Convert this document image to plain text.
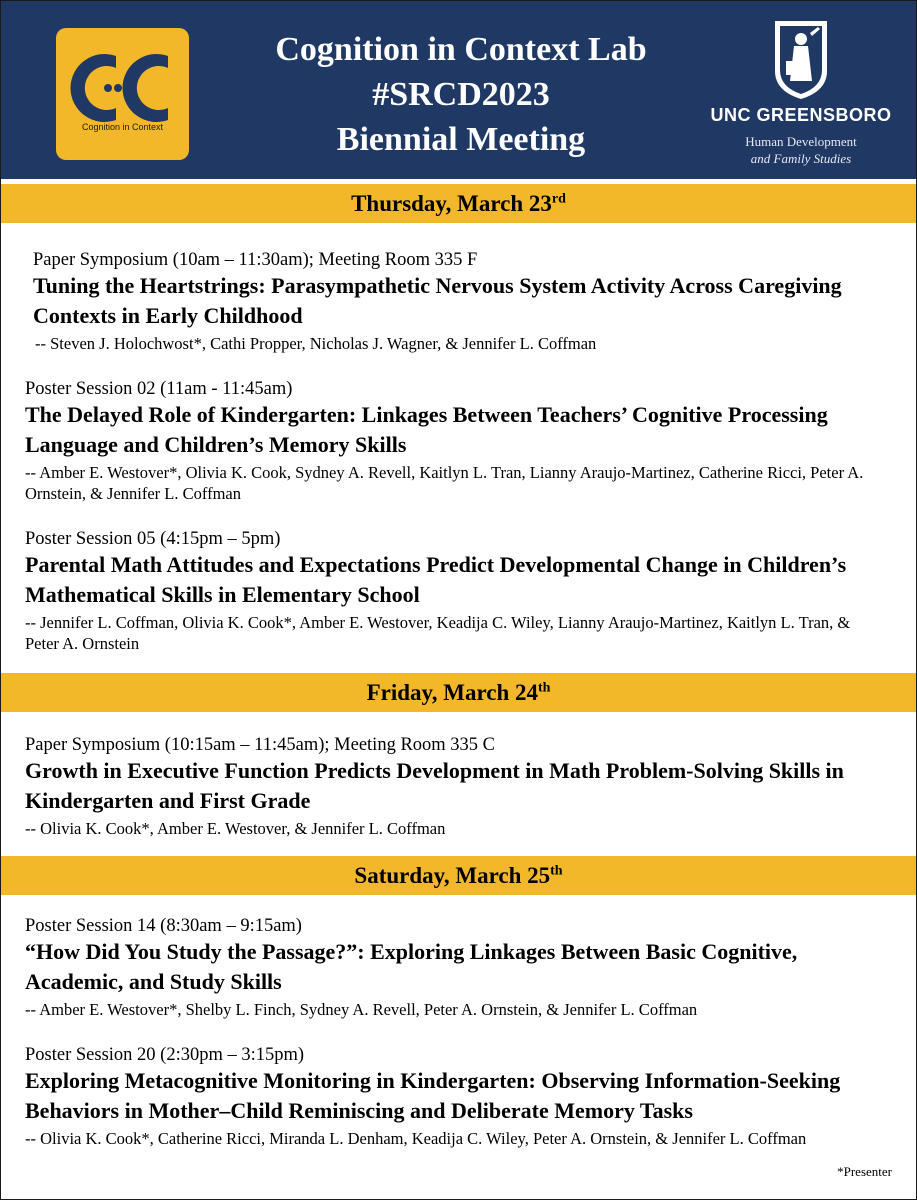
Cognition in Context
Cognition in Context Lab
#SRCD2023
Biennial Meeting
UNC GREENSBORO
Human Development
and Family Studies
Thursday, March 23rd
Paper Symposium (10am – 11:30am); Meeting Room 335 F
Tuning the Heartstrings: Parasympathetic Nervous System Activity Across Caregiving Contexts in Early Childhood
-- Steven J. Holochwost*, Cathi Propper, Nicholas J. Wagner, & Jennifer L. Coffman
Poster Session 02 (11am - 11:45am)
The Delayed Role of Kindergarten: Linkages Between Teachers’ Cognitive Processing Language and Children’s Memory Skills
-- Amber E. Westover*, Olivia K. Cook, Sydney A. Revell, Kaitlyn L. Tran, Lianny Araujo-Martinez, Catherine Ricci, Peter A. Ornstein, & Jennifer L. Coffman
Poster Session 05 (4:15pm – 5pm)
Parental Math Attitudes and Expectations Predict Developmental Change in Children’s Mathematical Skills in Elementary School
-- Jennifer L. Coffman, Olivia K. Cook*, Amber E. Westover, Keadija C. Wiley, Lianny Araujo-Martinez, Kaitlyn L. Tran, & Peter A. Ornstein
Friday, March 24th
Paper Symposium (10:15am – 11:45am); Meeting Room 335 C
Growth in Executive Function Predicts Development in Math Problem-Solving Skills in Kindergarten and First Grade
-- Olivia K. Cook*, Amber E. Westover, & Jennifer L. Coffman
Saturday, March 25th
Poster Session 14 (8:30am – 9:15am)
“How Did You Study the Passage?”: Exploring Linkages Between Basic Cognitive, Academic, and Study Skills
-- Amber E. Westover*, Shelby L. Finch, Sydney A. Revell, Peter A. Ornstein, & Jennifer L. Coffman
Poster Session 20 (2:30pm – 3:15pm)
Exploring Metacognitive Monitoring in Kindergarten: Observing Information-Seeking Behaviors in Mother–Child Reminiscing and Deliberate Memory Tasks
-- Olivia K. Cook*, Catherine Ricci, Miranda L. Denham, Keadija C. Wiley, Peter A. Ornstein, & Jennifer L. Coffman
*Presenter
